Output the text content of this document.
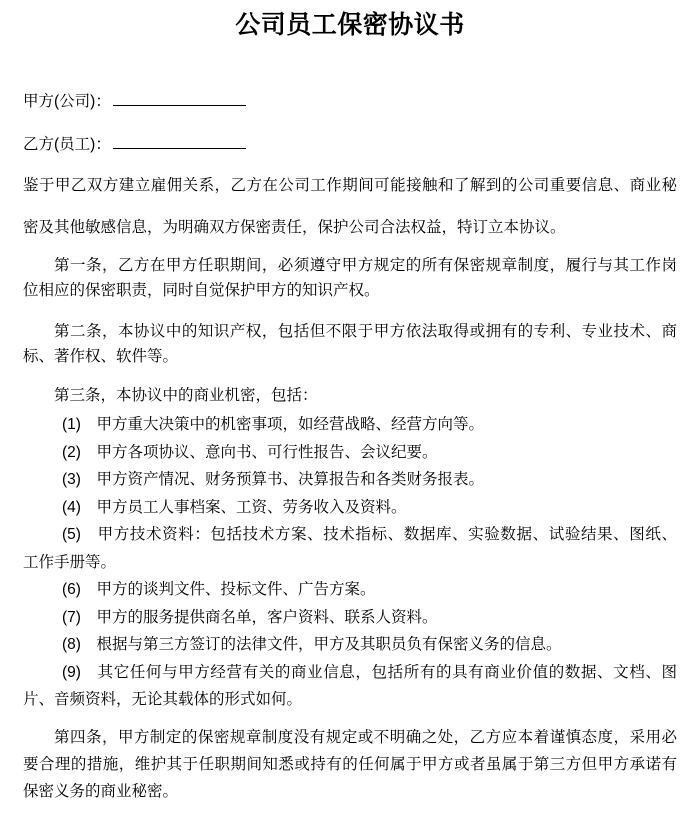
公司员工保密协议书
甲方(公司)：
乙方(员工)：
鉴于甲乙双方建立雇佣关系，乙方在公司工作期间可能接触和了解到的公司重要信息、商业秘
密及其他敏感信息，为明确双方保密责任，保护公司合法权益，特订立本协议。
第一条，乙方在甲方任职期间，必须遵守甲方规定的所有保密规章制度，履行与其工作岗
位相应的保密职责，同时自觉保护甲方的知识产权。
第二条，本协议中的知识产权，包括但不限于甲方依法取得或拥有的专利、专业技术、商
标、著作权、软件等。
第三条，本协议中的商业机密，包括：
(1)　甲方重大决策中的机密事项，如经营战略、经营方向等。
(2)　甲方各项协议、意向书、可行性报告、会议纪要。
(3)　甲方资产情况、财务预算书、决算报告和各类财务报表。
(4)　甲方员工人事档案、工资、劳务收入及资料。
(5)　甲方技术资料：包括技术方案、技术指标、数据库、实验数据、试验结果、图纸、
工作手册等。
(6)　甲方的谈判文件、投标文件、广告方案。
(7)　甲方的服务提供商名单，客户资料、联系人资料。
(8)　根据与第三方签订的法律文件，甲方及其职员负有保密义务的信息。
(9)　其它任何与甲方经营有关的商业信息，包括所有的具有商业价值的数据、文档、图
片、音频资料，无论其载体的形式如何。
第四条，甲方制定的保密规章制度没有规定或不明确之处，乙方应本着谨慎态度，采用必
要合理的措施，维护其于任职期间知悉或持有的任何属于甲方或者虽属于第三方但甲方承诺有
保密义务的商业秘密。
